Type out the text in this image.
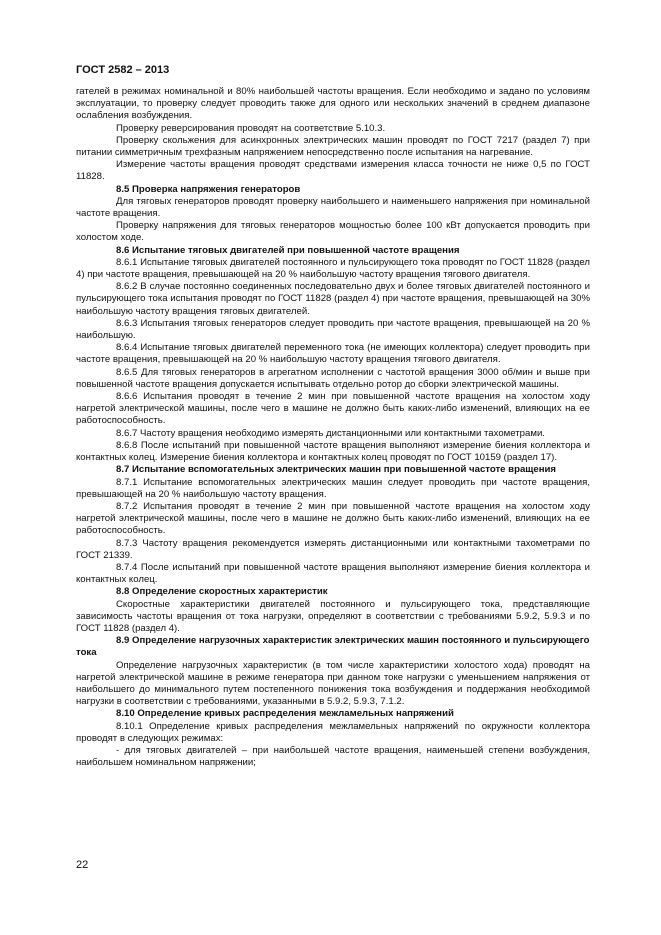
ГОСТ 2582 – 2013

гателей в режимах номинальной и 80% наибольшей частоты вращения. Если необходимо и задано по условиям эксплуатации, то проверку следует проводить также для одного или нескольких значений в среднем диапазоне ослабления возбуждения.

Проверку реверсирования проводят на соответствие 5.10.3.

Проверку скольжения для асинхронных электрических машин проводят по ГОСТ 7217 (раздел 7) при питании симметричным трехфазным напряжением непосредственно после испытания на нагревание.

Измерение частоты вращения проводят средствами измерения класса точности не ниже 0,5 по ГОСТ 11828.

8.5 Проверка напряжения генераторов

Для тяговых генераторов проводят проверку наибольшего и наименьшего напряжения при номинальной частоте вращения.

Проверку напряжения для тяговых генераторов мощностью более 100 кВт допускается проводить при холостом ходе.

8.6 Испытание тяговых двигателей при повышенной частоте вращения

8.6.1 Испытание тяговых двигателей постоянного и пульсирующего тока проводят по ГОСТ 11828 (раздел 4) при частоте вращения, превышающей на 20 % наибольшую частоту вращения тягового двигателя.

8.6.2 В случае постоянно соединенных последовательно двух и более тяговых двигателей постоянного и пульсирующего тока испытания проводят по ГОСТ 11828 (раздел 4) при частоте вращения, превышающей на 30% наибольшую частоту вращения тяговых двигателей.

8.6.3 Испытания тяговых генераторов следует проводить при частоте вращения, превышающей на 20 % наибольшую.

8.6.4 Испытание тяговых двигателей переменного тока (не имеющих коллектора) следует проводить при частоте вращения, превышающей на 20 % наибольшую частоту вращения тягового двигателя.

8.6.5 Для тяговых генераторов в агрегатном исполнении с частотой вращения 3000 об/мин и выше при повышенной частоте вращения допускается испытывать отдельно ротор до сборки электрической машины.

8.6.6 Испытания проводят в течение 2 мин при повышенной частоте вращения на холостом ходу нагретой электрической машины, после чего в машине не должно быть каких-либо изменений, влияющих на ее работоспособность.

8.6.7 Частоту вращения необходимо измерять дистанционными или контактными тахометрами.

8.6.8 После испытаний при повышенной частоте вращения выполняют измерение биения коллектора и контактных колец. Измерение биения коллектора и контактных колец проводят по ГОСТ 10159 (раздел 17).

8.7 Испытание вспомогательных электрических машин при повышенной частоте вращения

8.7.1 Испытание вспомогательных электрических машин следует проводить при частоте вращения, превышающей на 20 % наибольшую частоту вращения.

8.7.2 Испытания проводят в течение 2 мин при повышенной частоте вращения на холостом ходу нагретой электрической машины, после чего в машине не должно быть каких-либо изменений, влияющих на ее работоспособность.

8.7.3 Частоту вращения рекомендуется измерять дистанционными или контактными тахометрами по ГОСТ 21339.

8.7.4 После испытаний при повышенной частоте вращения выполняют измерение биения коллектора и контактных колец.

8.8 Определение скоростных характеристик

Скоростные характеристики двигателей постоянного и пульсирующего тока, представляющие зависимость частоты вращения от тока нагрузки, определяют в соответствии с требованиями 5.9.2, 5.9.3 и по ГОСТ 11828 (раздел 4).

8.9 Определение нагрузочных характеристик электрических машин постоянного и пульсирующего тока

Определение нагрузочных характеристик (в том числе характеристики холостого хода) проводят на нагретой электрической машине в режиме генератора при данном токе нагрузки с уменьшением напряжения от наибольшего до минимального путем постепенного понижения тока возбуждения и поддержания необходимой нагрузки в соответствии с требованиями, указанными в 5.9.2, 5.9.3, 7.1.2.

8.10 Определение кривых распределения межламельных напряжений

8.10.1 Определение кривых распределения межламельных напряжений по окружности коллектора проводят в следующих режимах:

- для тяговых двигателей – при наибольшей частоте вращения, наименьшей степени возбуждения, наибольшем номинальном напряжении;

22
